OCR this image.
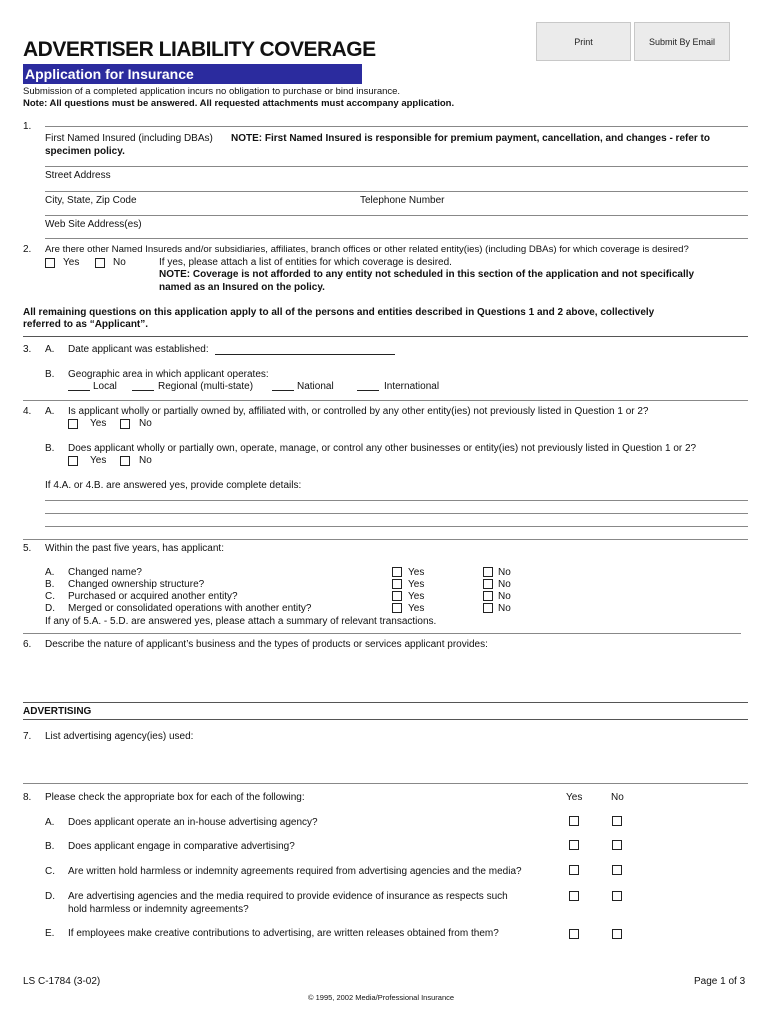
Print	Submit By Email
ADVERTISER LIABILITY COVERAGE
Application for Insurance
Submission of a completed application incurs no obligation to purchase or bind insurance.
Note: All questions must be answered. All requested attachments must accompany application.
1.
First Named Insured (including DBAs) NOTE: First Named Insured is responsible for premium payment, cancellation, and changes - refer to
specimen policy.
Street Address
City, State, Zip Code	Telephone Number
Web Site Address(es)
2. Are there other Named Insureds and/or subsidiaries, affiliates, branch offices or other related entity(ies) (including DBAs) for which coverage is desired?
Yes	No	If yes, please attach a list of entities for which coverage is desired.
NOTE: Coverage is not afforded to any entity not scheduled in this section of the application and not specifically
named as an Insured on the policy.
All remaining questions on this application apply to all of the persons and entities described in Questions 1 and 2 above, collectively
referred to as “Applicant”.
3. A. Date applicant was established:
B. Geographic area in which applicant operates:
Local	Regional (multi-state)	National	International
4. A. Is applicant wholly or partially owned by, affiliated with, or controlled by any other entity(ies) not previously listed in Question 1 or 2?
Yes	No
B. Does applicant wholly or partially own, operate, manage, or control any other businesses or entity(ies) not previously listed in Question 1 or 2?
Yes	No
If 4.A. or 4.B. are answered yes, provide complete details:
5. Within the past five years, has applicant:
A. Changed name?	Yes	No
B. Changed ownership structure?	Yes	No
C. Purchased or acquired another entity?	Yes	No
D. Merged or consolidated operations with another entity?	Yes	No
If any of 5.A. - 5.D. are answered yes, please attach a summary of relevant transactions.
6. Describe the nature of applicant’s business and the types of products or services applicant provides:
ADVERTISING
7. List advertising agency(ies) used:
8. Please check the appropriate box for each of the following:	Yes	No
A. Does applicant operate an in-house advertising agency?
B. Does applicant engage in comparative advertising?
C. Are written hold harmless or indemnity agreements required from advertising agencies and the media?
D. Are advertising agencies and the media required to provide evidence of insurance as respects such
hold harmless or indemnity agreements?
E. If employees make creative contributions to advertising, are written releases obtained from them?
LS C-1784 (3-02)	Page 1 of 3
© 1995, 2002 Media/Professional Insurance
